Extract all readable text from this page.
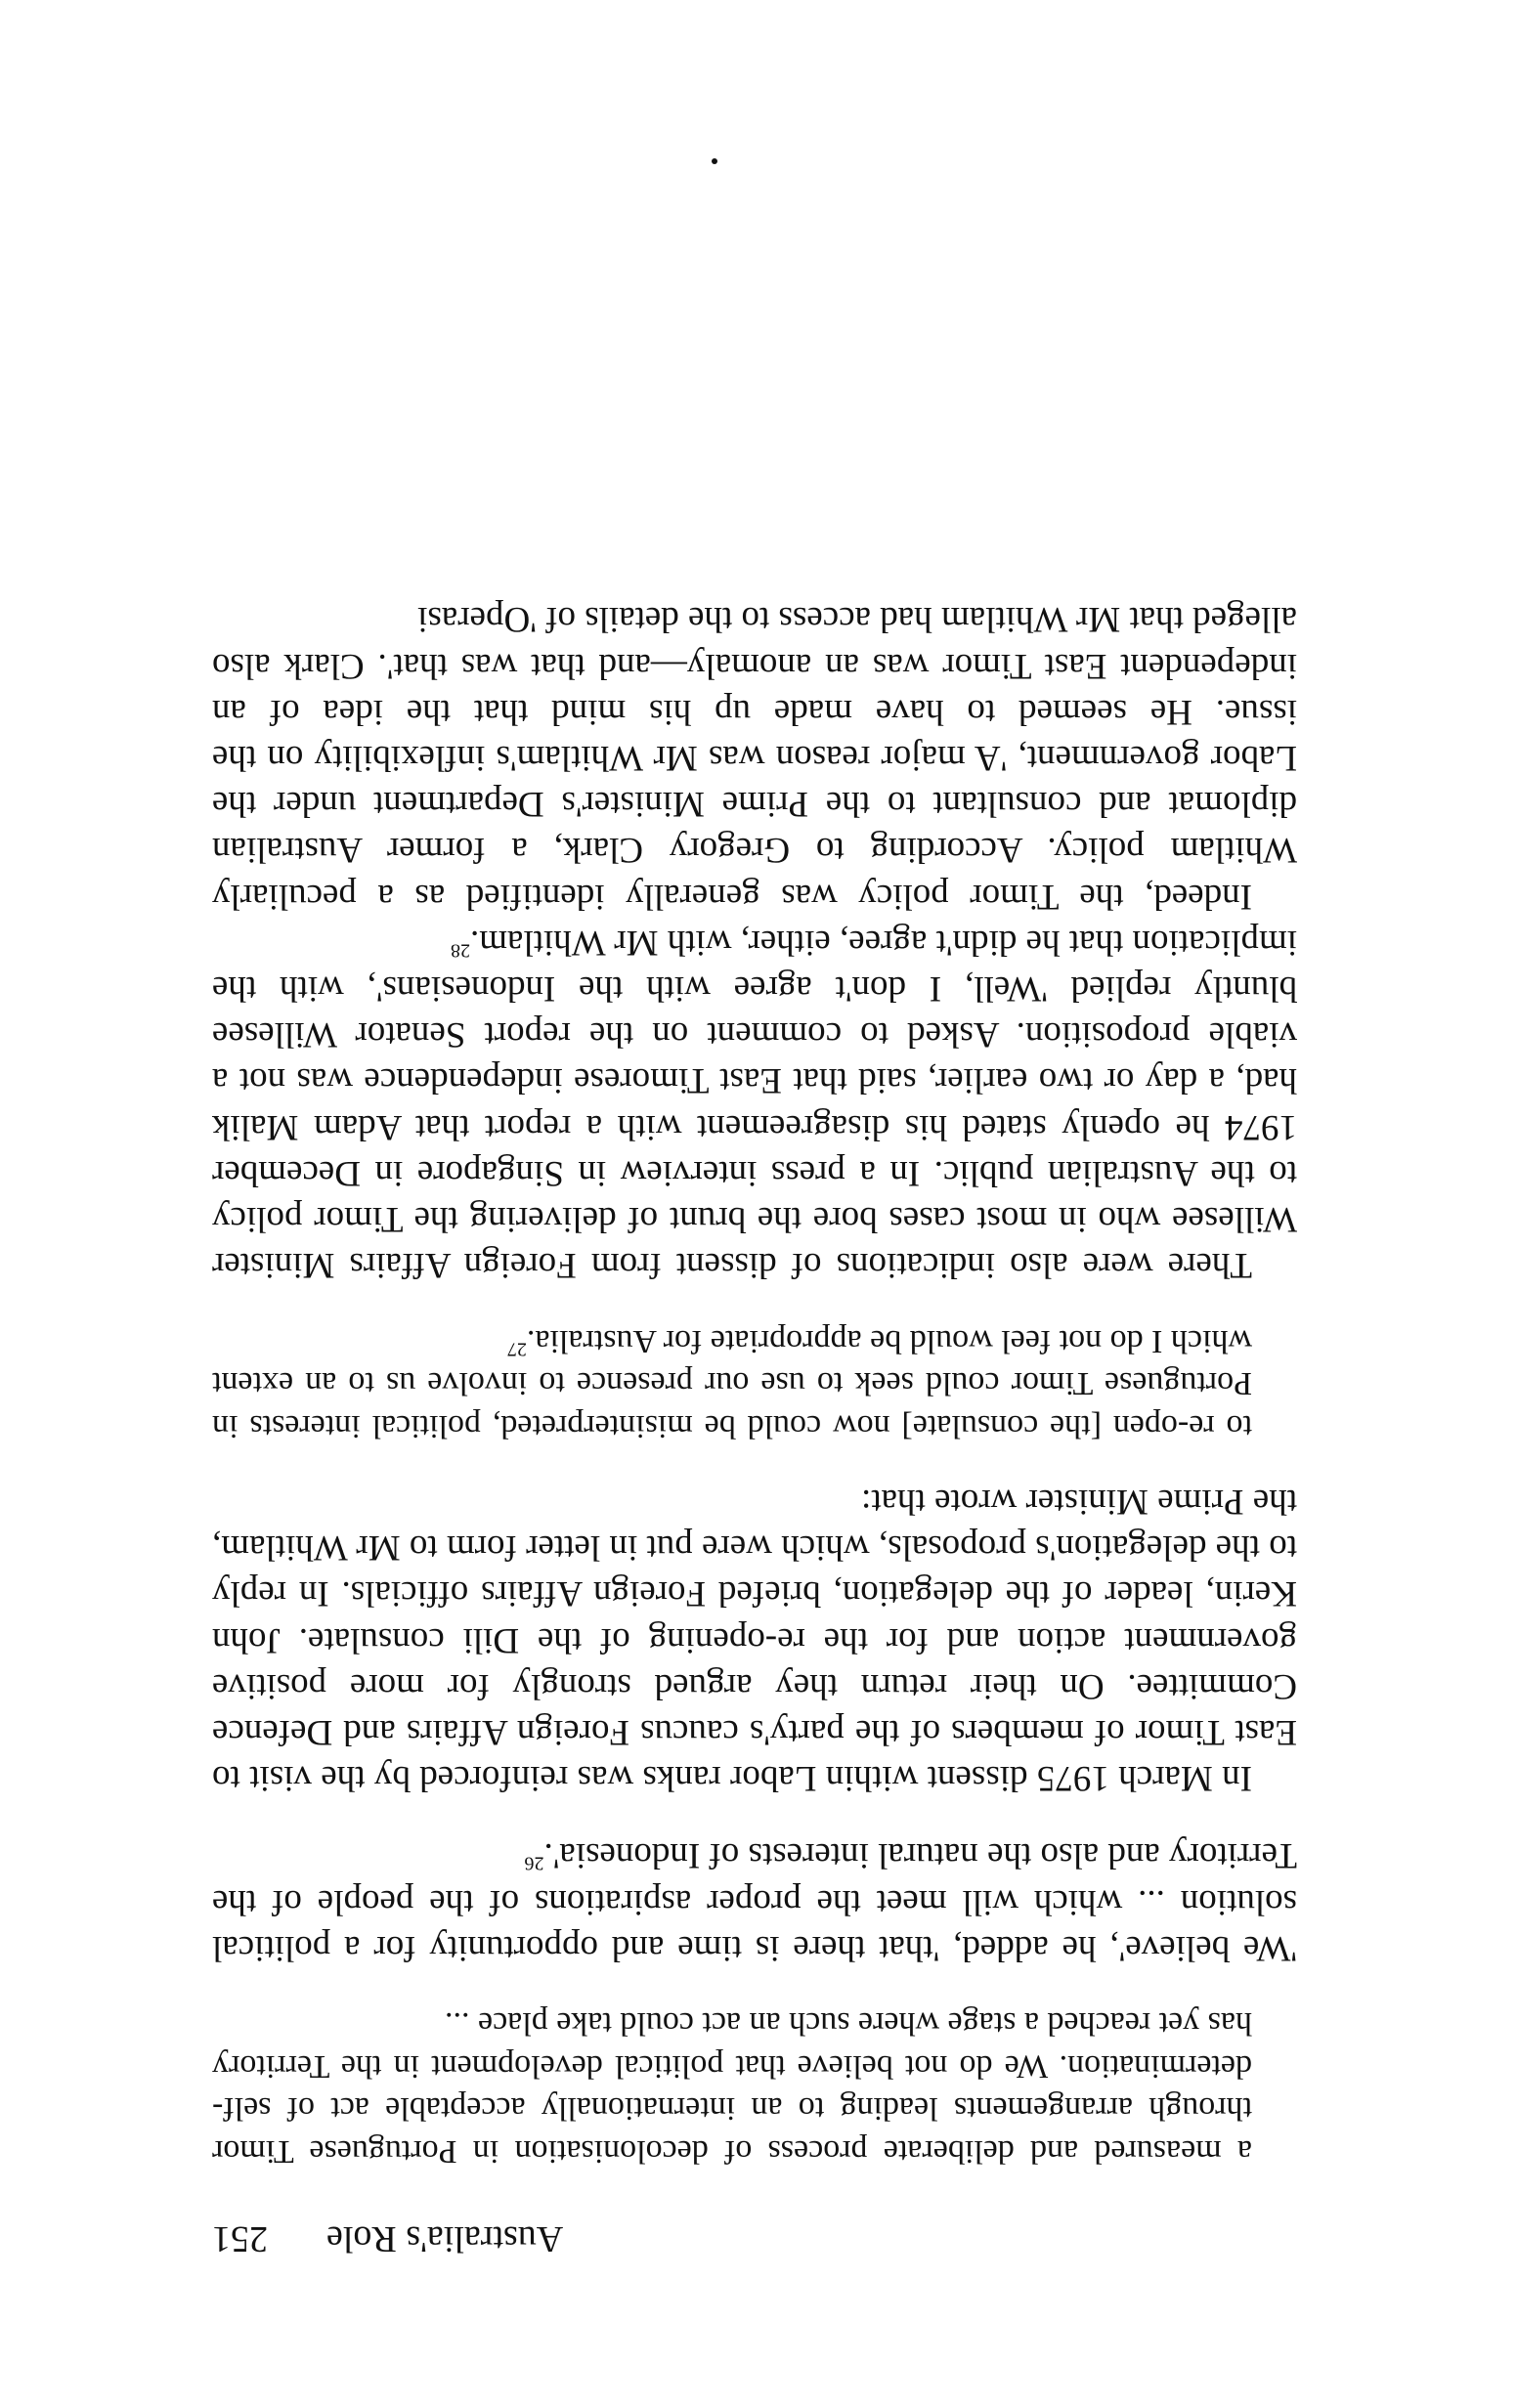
Australia's Role
251

a measured and deliberate process of decolonisation in Portuguese Timor through arrangements leading to an internationally acceptable act of self-determination. We do not believe that political development in the Territory has yet reached a stage where such an act could take place ...

'We believe', he added, 'that there is time and opportunity for a political solution ... which will meet the proper aspirations of the people of the Territory and also the natural interests of Indonesia'.$^{26}$

In March 1975 dissent within Labor ranks was reinforced by the visit to East Timor of members of the party's caucus Foreign Affairs and Defence Committee. On their return they argued strongly for more positive government action and for the re-opening of the Dili consulate. John Kerin, leader of the delegation, briefed Foreign Affairs officials. In reply to the delegation's proposals, which were put in letter form to Mr Whitlam, the Prime Minister wrote that:

to re-open [the consulate] now could be misinterpreted, political interests in Portuguese Timor could seek to use our presence to involve us to an extent which I do not feel would be appropriate for Australia.$^{27}$

There were also indications of dissent from Foreign Affairs Minister Willesee who in most cases bore the brunt of delivering the Timor policy to the Australian public. In a press interview in Singapore in December 1974 he openly stated his disagreement with a report that Adam Malik had, a day or two earlier, said that East Timorese independence was not a viable proposition. Asked to comment on the report Senator Willesee bluntly replied 'Well, I don't agree with the Indonesians', with the implication that he didn't agree, either, with Mr Whitlam.$^{28}$

Indeed, the Timor policy was generally identified as a peculiarly Whitlam policy. According to Gregory Clark, a former Australian diplomat and consultant to the Prime Minister's Department under the Labor government, 'A major reason was Mr Whitlam's inflexibility on the issue. He seemed to have made up his mind that the idea of an independent East Timor was an anomaly—and that was that'. Clark also alleged that Mr Whitlam had access to the details of 'Operasi
